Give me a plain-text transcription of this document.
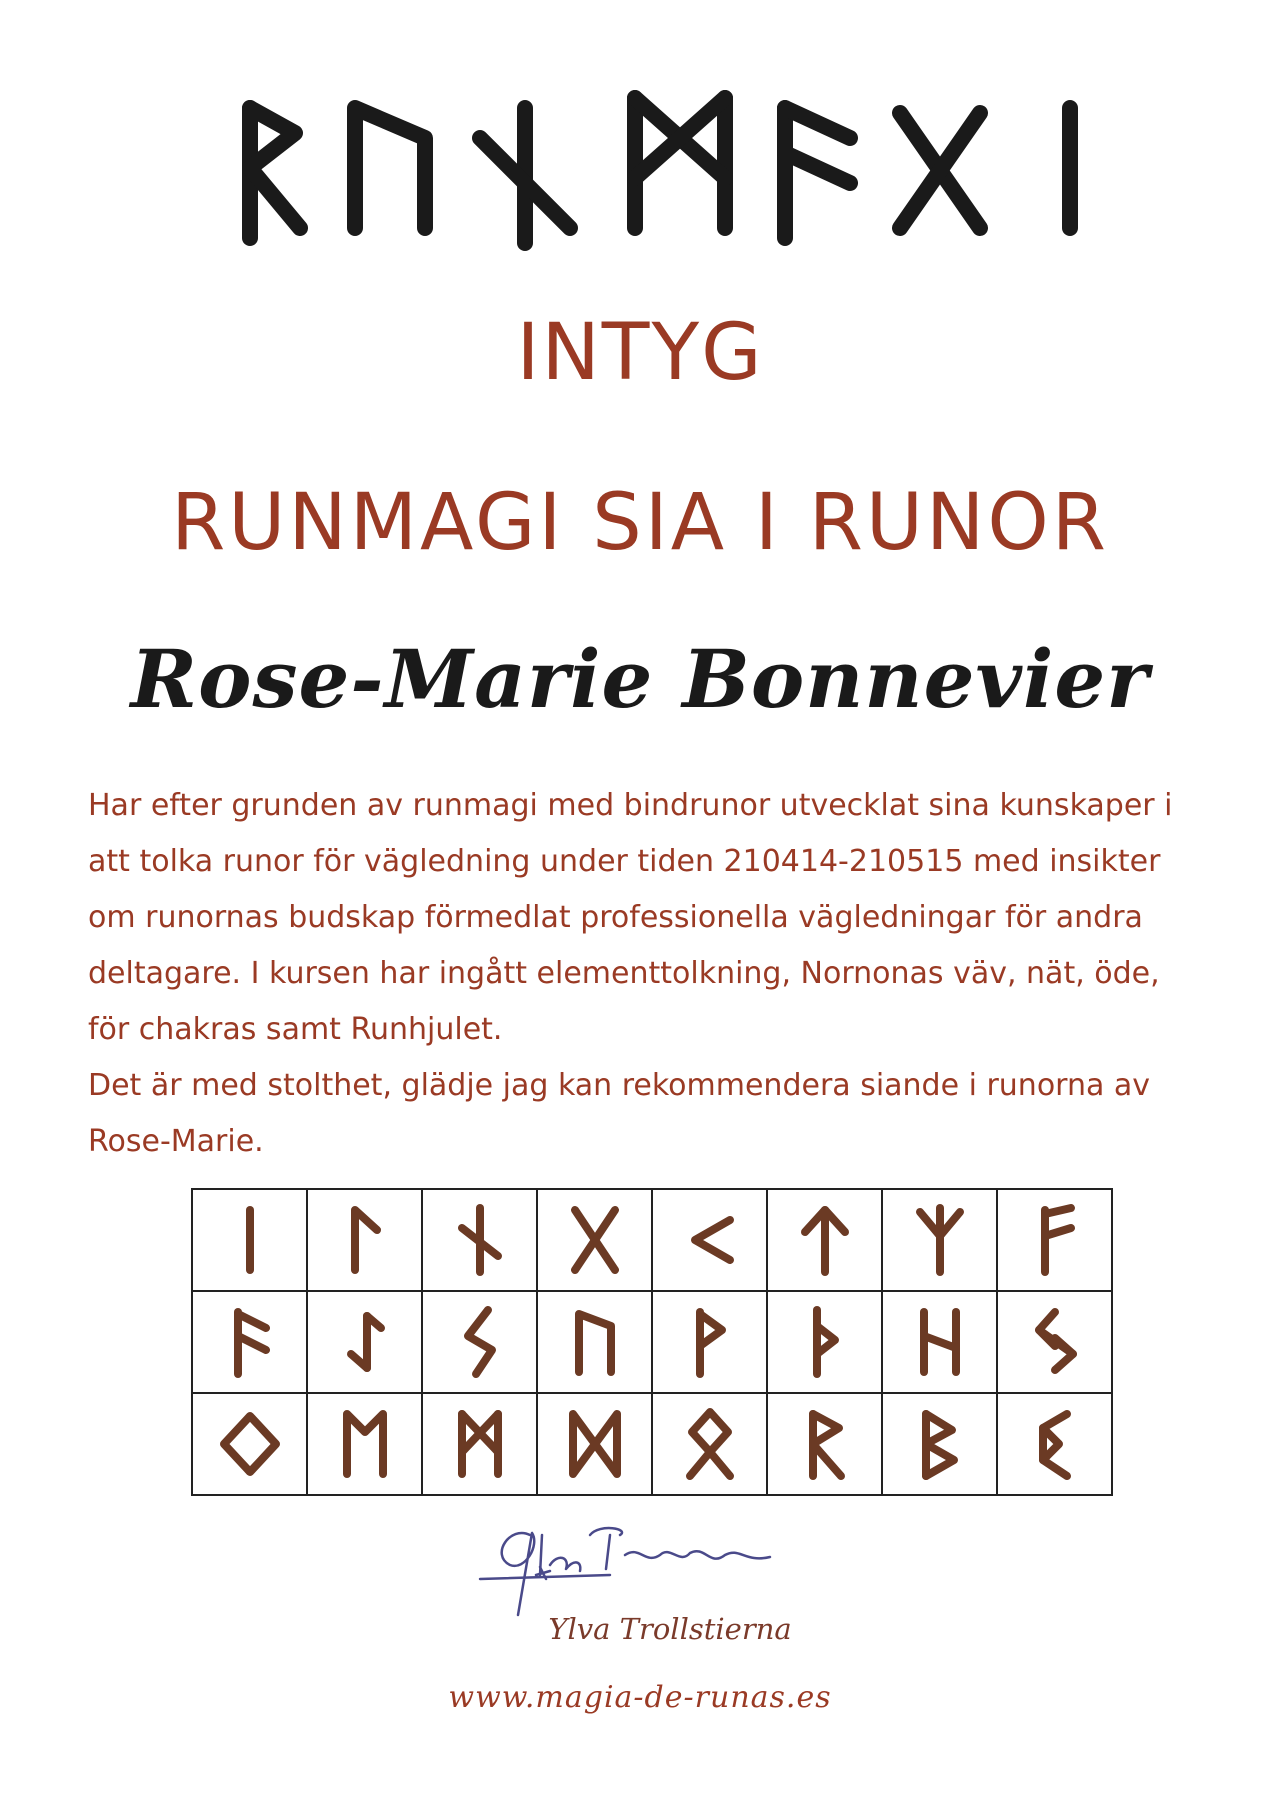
INTYG
RUNMAGI SIA I RUNOR
Rose-Marie Bonnevier

Har efter grunden av runmagi med bindrunor utvecklat sina kunskaper i att tolka runor för vägledning under tiden 210414-210515 med insikter om runornas budskap förmedlat professionella vägledningar för andra deltagare. I kursen har ingått elementtolkning, Nornonas väv, nät, öde, för chakras samt Runhjulet.

Det är med stolthet, glädje jag kan rekommendera siande i runorna av Rose-Marie.

Ylva Trollstierna

www.magia-de-runas.es
